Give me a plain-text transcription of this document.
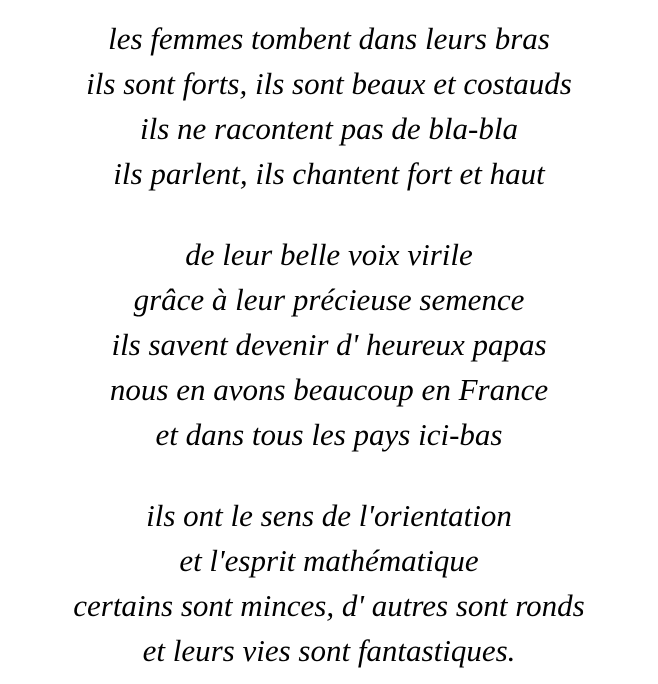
les femmes tombent dans leurs bras
ils sont forts, ils sont beaux et costauds
ils ne racontent pas de bla-bla
ils parlent, ils chantent fort et haut
de leur belle voix virile
grâce à leur précieuse semence
ils savent devenir d' heureux papas
nous en avons beaucoup en France
et dans tous les pays ici-bas
ils ont le sens de l'orientation
et l'esprit mathématique
certains sont minces, d' autres sont ronds
et leurs vies sont fantastiques.
